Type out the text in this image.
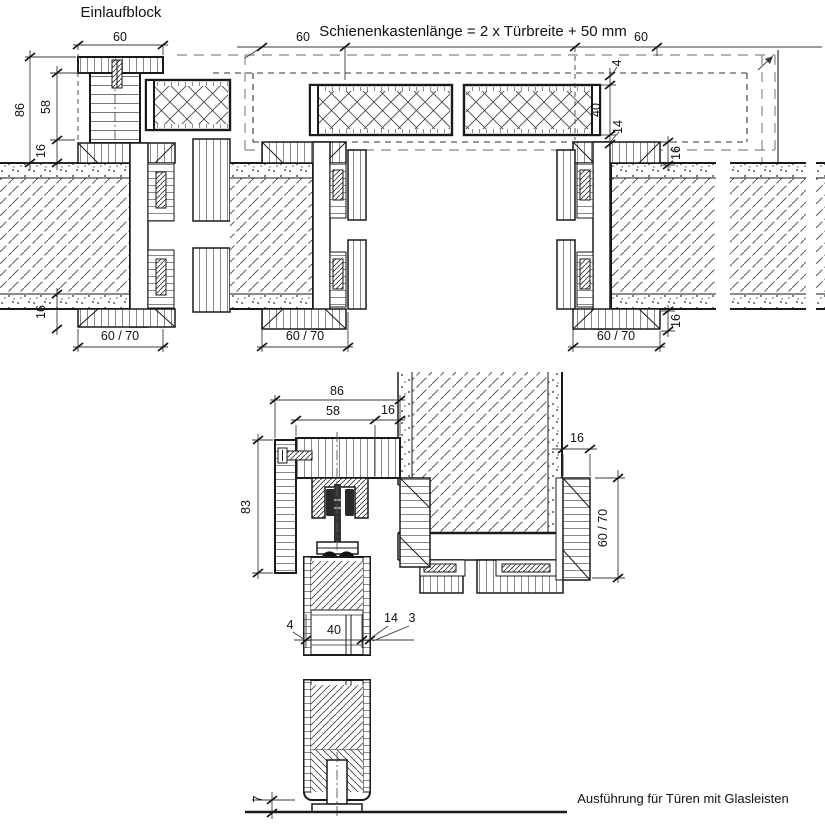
Einlaufblock
60
86 58
16
16
60 / 70
60 Schienenkastenlänge = 2 x Türbreite + 50 mm 60
4
40
14
16
16
60 / 70	60 / 70
86
58	16
83
16
60 / 70
4	40
14 3
7	Ausführung für Türen mit Glasleisten
